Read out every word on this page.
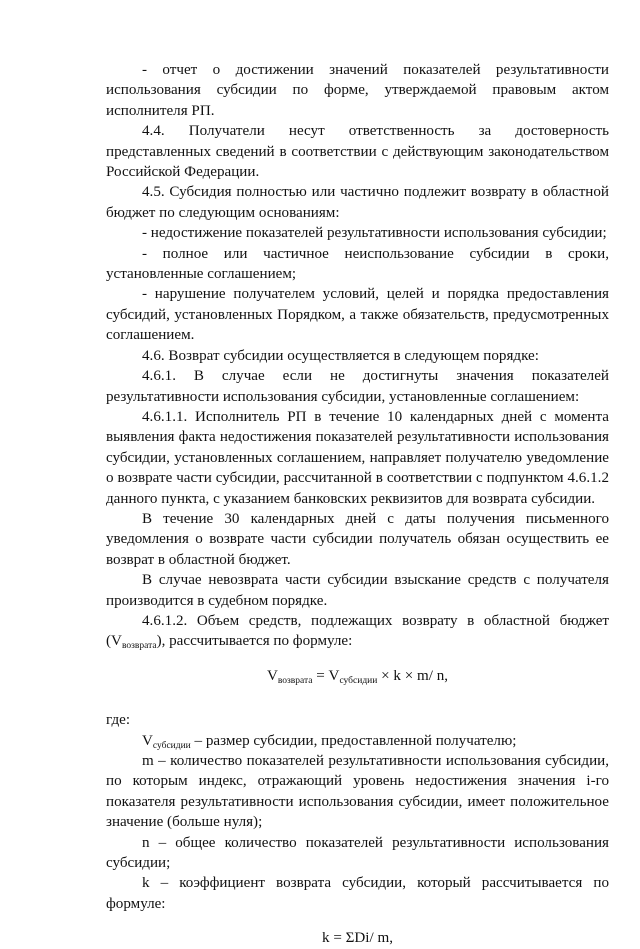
- отчет о достижении значений показателей результативности использования субсидии по форме, утверждаемой правовым актом исполнителя РП.

4.4. Получатели несут ответственность за достоверность представленных сведений в соответствии с действующим законодательством Российской Федерации.

4.5. Субсидия полностью или частично подлежит возврату в областной бюджет по следующим основаниям:

- недостижение показателей результативности использования субсидии;

- полное или частичное неиспользование субсидии в сроки, установленные соглашением;

- нарушение получателем условий, целей и порядка предоставления субсидий, установленных Порядком, а также обязательств, предусмотренных соглашением.

4.6. Возврат субсидии осуществляется в следующем порядке:

4.6.1. В случае если не достигнуты значения показателей результативности использования субсидии, установленные соглашением:

4.6.1.1. Исполнитель РП в течение 10 календарных дней с момента выявления факта недостижения показателей результативности использования субсидии, установленных соглашением, направляет получателю уведомление о возврате части субсидии, рассчитанной в соответствии с подпунктом 4.6.1.2 данного пункта, с указанием банковских реквизитов для возврата субсидии.

В течение 30 календарных дней с даты получения письменного уведомления о возврате части субсидии получатель обязан осуществить ее возврат в областной бюджет.

В случае невозврата части субсидии взыскание средств с получателя производится в судебном порядке.

4.6.1.2. Объем средств, подлежащих возврату в областной бюджет $(V_{возврата})$, рассчитывается по формуле:

$V_{возврата} = V_{субсидии} \times k \times m/$ n,

где:

$V_{субсидии}$ – размер субсидии, предоставленной получателю;

m – количество показателей результативности использования субсидии, по которым индекс, отражающий уровень недостижения значения i-го показателя результативности использования субсидии, имеет положительное значение (больше нуля);

n – общее количество показателей результативности использования субсидии;

k – коэффициент возврата субсидии, который рассчитывается по формуле:

k = ΣDi/ m,
